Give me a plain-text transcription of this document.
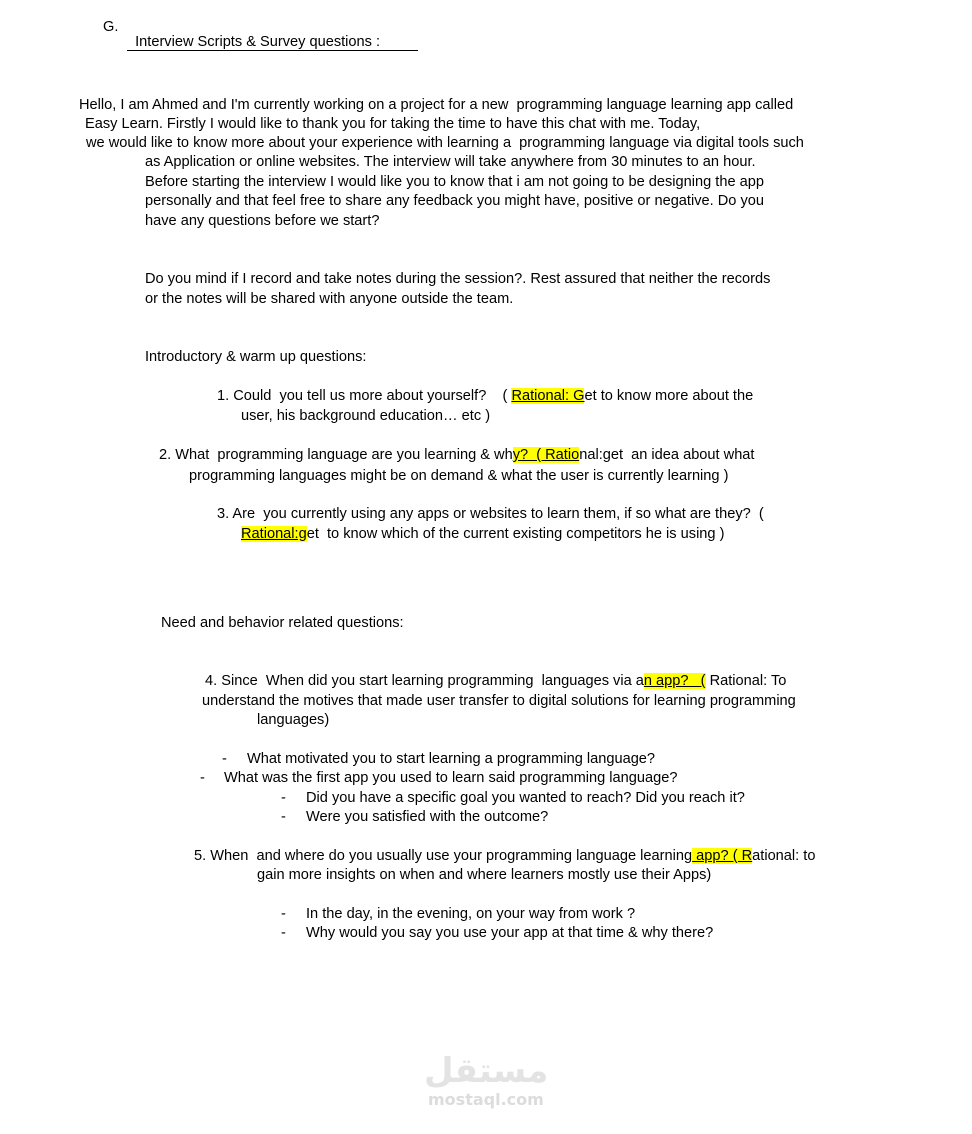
G.

Interview Scripts & Survey questions :

Hello, I am Ahmed and I'm currently working on a project for a new  programming language learning app called
Easy Learn. Firstly I would like to thank you for taking the time to have this chat with me. Today,
we would like to know more about your experience with learning a  programming language via digital tools such
as Application or online websites. The interview will take anywhere from 30 minutes to an hour.
Before starting the interview I would like you to know that i am not going to be designing the app
personally and that feel free to share any feedback you might have, positive or negative. Do you
have any questions before we start?
Do you mind if I record and take notes during the session?. Rest assured that neither the records
or the notes will be shared with anyone outside the team.
Introductory & warm up questions:
1. Could  you tell us more about yourself?    ( Rational: Get to know more about the
user, his background education… etc )
2. What  programming language are you learning & why?  ( Rational:get  an idea about what
programming languages might be on demand & what the user is currently learning )
3. Are  you currently using any apps or websites to learn them, if so what are they?  (
Rational:get  to know which of the current existing competitors he is using )
Need and behavior related questions:
4. Since  When did you start learning programming  languages via an app?   ( Rational: To
understand the motives that made user transfer to digital solutions for learning programming
languages)
- What motivated you to start learning a programming language?
- What was the first app you used to learn said programming language?
- Did you have a specific goal you wanted to reach? Did you reach it?
- Were you satisfied with the outcome?
5. When  and where do you usually use your programming language learning app? ( Rational: to
gain more insights on when and where learners mostly use their Apps)
- In the day, in the evening, on your way from work ?
- Why would you say you use your app at that time & why there?
مستقل
mostaql.com
